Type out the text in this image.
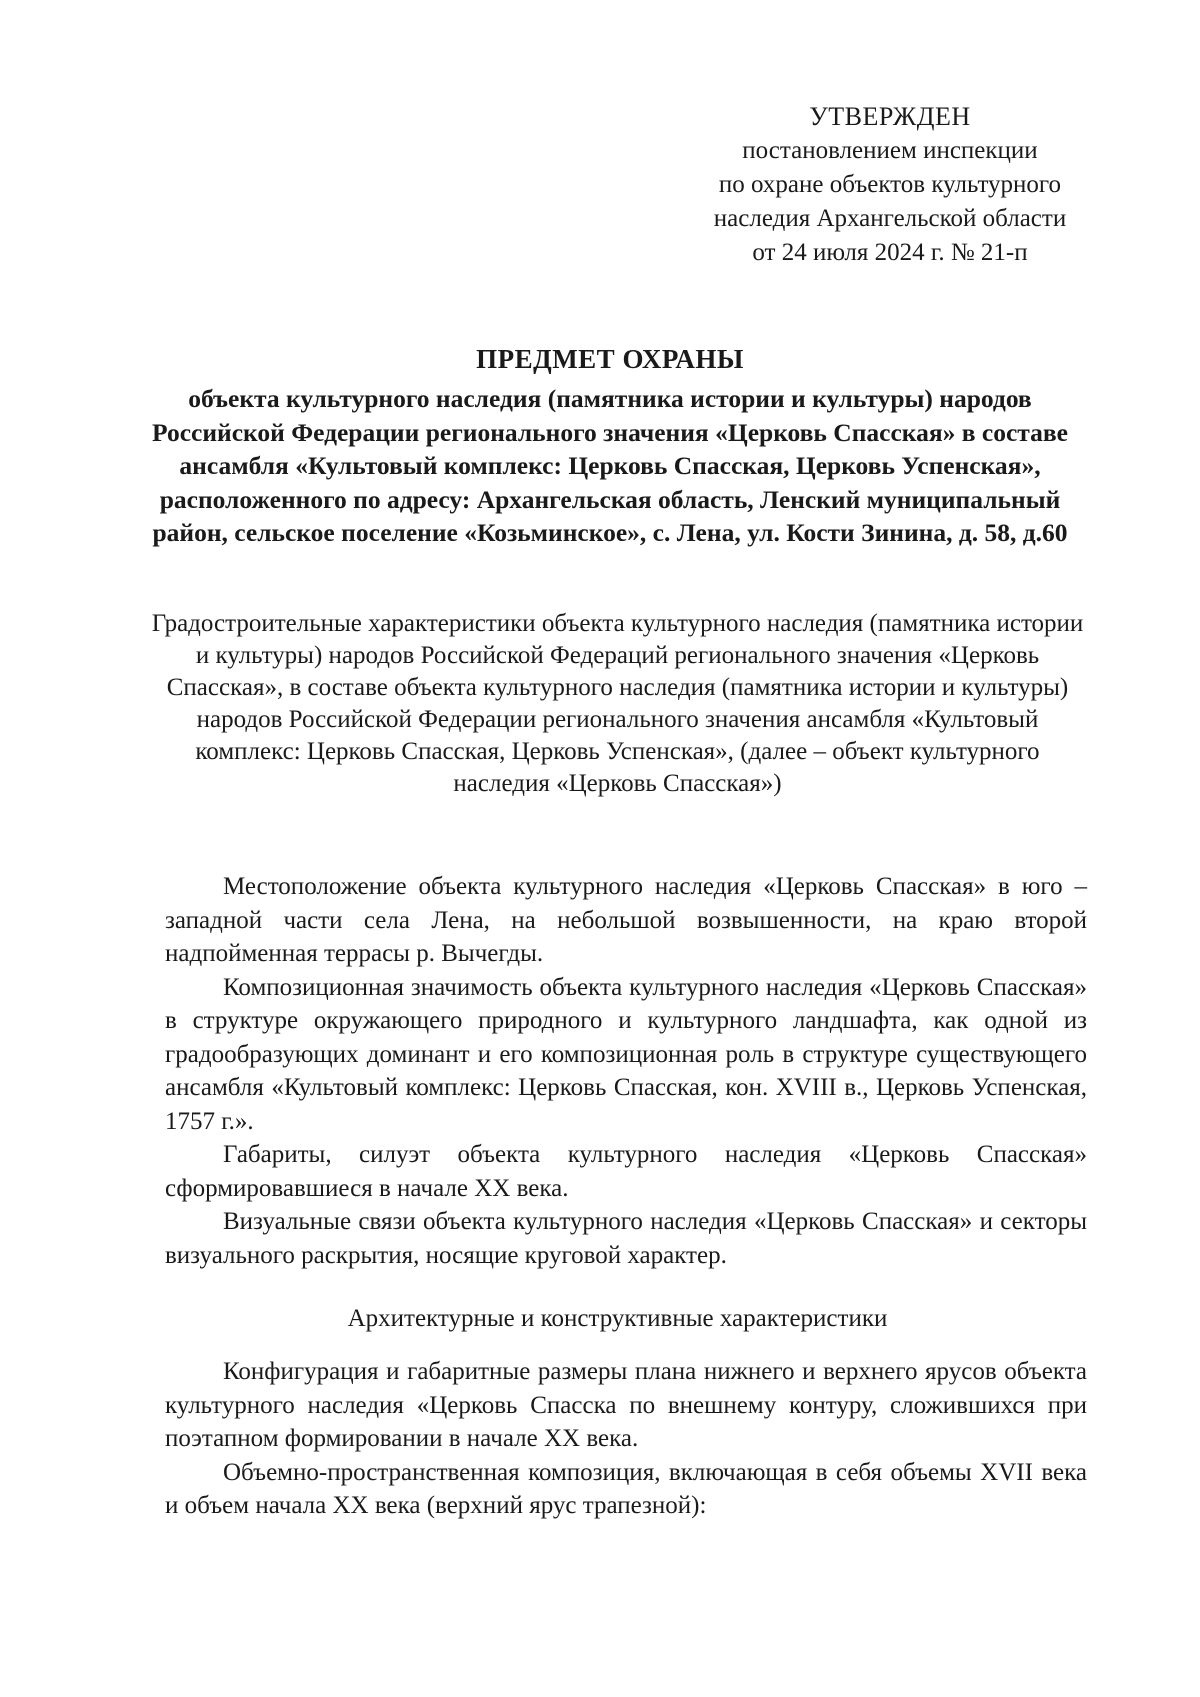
УТВЕРЖДЕН
постановлением инспекции
по охране объектов культурного
наследия Архангельской области
от 24 июля 2024 г. № 21-п
ПРЕДМЕТ ОХРАНЫ
объекта культурного наследия (памятника истории и культуры) народов Российской Федерации регионального значения «Церковь Спасская» в составе ансамбля «Культовый комплекс: Церковь Спасская, Церковь Успенская», расположенного по адресу: Архангельская область, Ленский муниципальный район, сельское поселение «Козьминское», с. Лена, ул. Кости Зинина, д. 58, д.60
Градостроительные характеристики объекта культурного наследия (памятника истории и культуры) народов Российской Федераций регионального значения «Церковь Спасская», в составе объекта культурного наследия (памятника истории и культуры) народов Российской Федерации регионального значения ансамбля «Культовый комплекс: Церковь Спасская, Церковь Успенская», (далее – объект культурного наследия «Церковь Спасская»)

Местоположение объекта культурного наследия «Церковь Спасская» в юго – западной части села Лена, на небольшой возвышенности, на краю второй надпойменная террасы р. Вычегды.

Композиционная значимость объекта культурного наследия «Церковь Спасская» в структуре окружающего природного и культурного ландшафта, как одной из градообразующих доминант и его композиционная роль в структуре существующего ансамбля «Культовый комплекс: Церковь Спасская, кон. XVIII в., Церковь Успенская, 1757 г.».

Габариты, силуэт объекта культурного наследия «Церковь Спасская» сформировавшиеся в начале XX века.

Визуальные связи объекта культурного наследия «Церковь Спасская» и секторы визуального раскрытия, носящие круговой характер.

Архитектурные и конструктивные характеристики

Конфигурация и габаритные размеры плана нижнего и верхнего ярусов объекта культурного наследия «Церковь Спасска по внешнему контуру, сложившихся при поэтапном формировании в начале XX века.

Объемно-пространственная композиция, включающая в себя объемы XVII века и объем начала XX века (верхний ярус трапезной):
